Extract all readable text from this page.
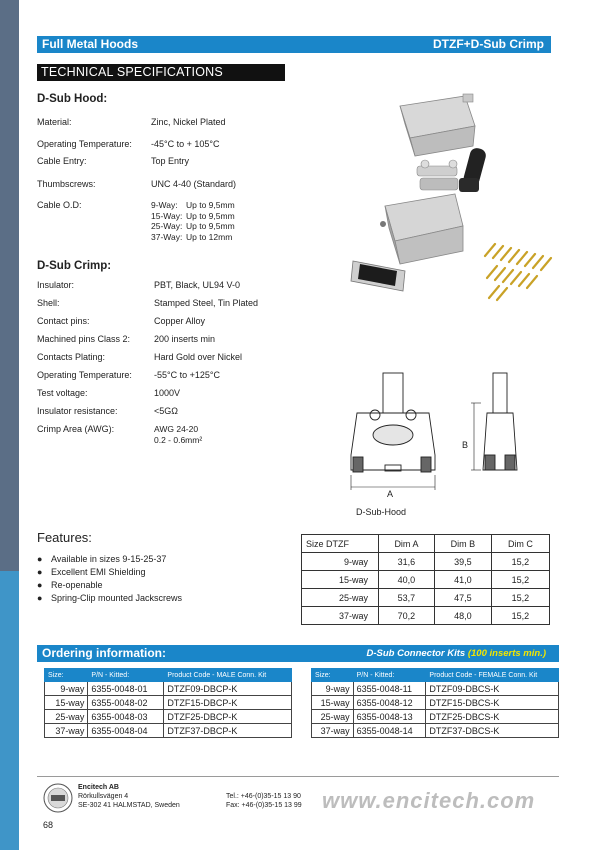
Full Metal Hoods	DTZF+D-Sub Crimp
TECHNICAL SPECIFICATIONS
D-Sub Hood:
Material:	Zinc, Nickel Plated
Operating Temperature: -45°C to + 105°C
Cable Entry:	Top Entry
Thumbscrews:	UNC 4-40 (Standard)
Cable O.D:	9-Way: Up to 9,5mm
15-Way: Up to 9,5mm
25-Way: Up to 9,5mm
37-Way: Up to 12mm
D-Sub Crimp:
Insulator:	PBT, Black, UL94 V-0
Shell:	Stamped Steel, Tin Plated
Contact pins:	Copper Alloy
Machined pins Class 2:	200 inserts min
Contacts Plating:	Hard Gold over Nickel
Operating Temperature: -55°C to +125°C
Test voltage:	1000V
Insulator resistance:	<5GΩ
Crimp Area (AWG):	AWG 24-20
0.2 - 0.6mm²
A
B
D-Sub-Hood
Features:
● Available in sizes 9-15-25-37
● Excellent EMI Shielding
● Re-openable
● Spring-Clip mounted Jackscrews
Size DTZF	Dim A	Dim B	Dim C
9-way	31,6	39,5	15,2
15-way	40,0	41,0	15,2
25-way	53,7	47,5	15,2
37-way	70,2	48,0	15,2
Ordering information:	D-Sub Connector Kits (100 inserts min.)
Size:	P/N - Kitted:	Product Code - MALE Conn. Kit
9-way	6355-0048-01	DTZF09-DBCP-K
15-way	6355-0048-02	DTZF15-DBCP-K
25-way	6355-0048-03	DTZF25-DBCP-K
37-way	6355-0048-04	DTZF37-DBCP-K
Size:	P/N - Kitted:	Product Code - FEMALE Conn. Kit
9-way	6355-0048-11	DTZF09-DBCS-K
15-way	6355-0048-12	DTZF15-DBCS-K
25-way	6355-0048-13	DTZF25-DBCS-K
37-way	6355-0048-14	DTZF37-DBCS-K
Encitech AB
Rörkullsvägen 4
SE-302 41 HALMSTAD, Sweden
Tel.: +46-(0)35-15 13 90
Fax: +46-(0)35-15 13 99 www.encitech.com
68
